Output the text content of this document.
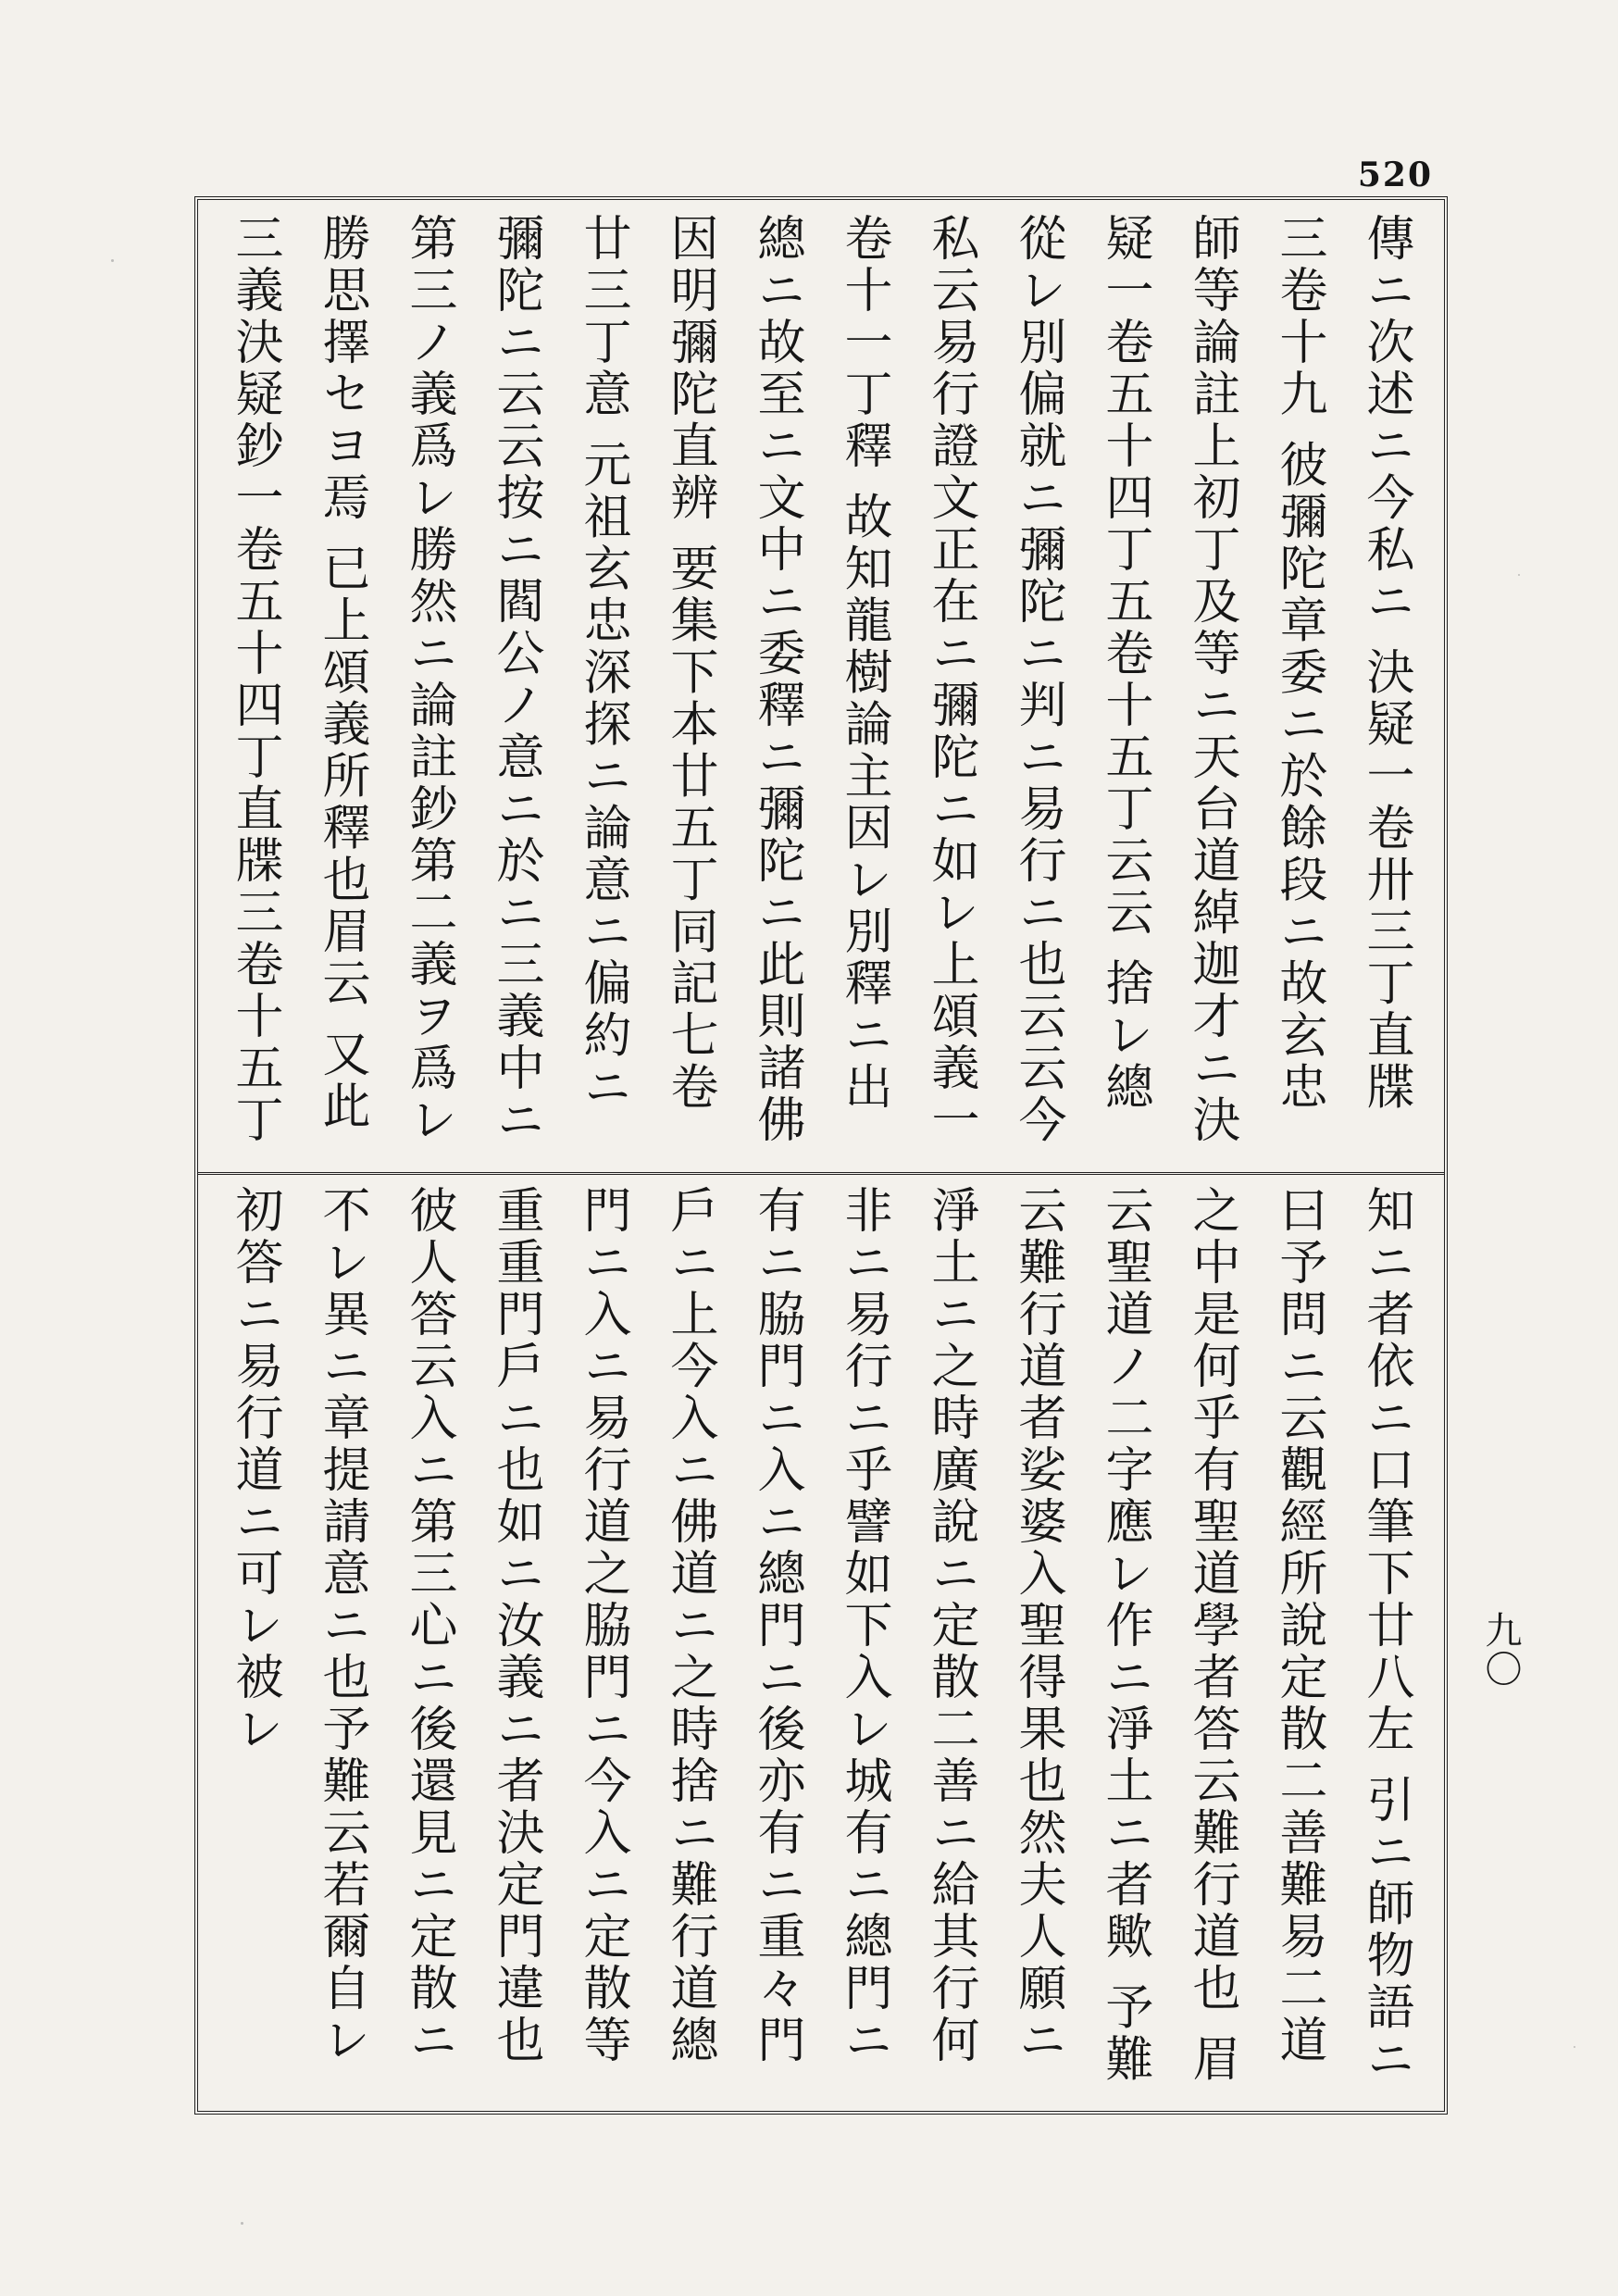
520
傳ニ次述ニ今私ニ 決疑一卷卅三丁直牒三卷十九 彼彌陀章委ニ於餘段ニ故玄忠師等論註上初丁及等ニ天台道綽迦才ニ決疑一卷五十四丁五卷十五丁云云 捨レ總從レ別偏就ニ彌陀ニ判ニ易行ニ也云云今私云易行證文正在ニ彌陀ニ如レ上頌義一卷十一丁釋 故知龍樹論主因レ別釋ニ出總ニ故至ニ文中ニ委釋ニ彌陀ニ此則諸佛因明彌陀直辨 要集下本廿五丁同記七卷廿三丁意 元祖玄忠深探ニ論意ニ偏約ニ彌陀ニ云云按ニ閻公ノ意ニ於ニ三義中ニ第三ノ義爲レ勝然ニ論註鈔第二義ヲ爲レ勝思擇セヨ焉 已上頌義所釋也眉云 又此三義決疑鈔一卷五十四丁直牒三卷十五丁
知ニ者依ニ口筆下廿八左 引ニ師物語ニ曰予問ニ云觀經所說定散二善難易二道之中是何乎有聖道學者答云難行道也 眉云聖道ノ二字應レ作ニ淨土ニ者歟 予難云難行道者娑婆入聖得果也然夫人願ニ淨土ニ之時廣說ニ定散二善ニ給其行何非ニ易行ニ乎譬如下入レ城有ニ總門ニ有ニ脇門ニ入ニ總門ニ後亦有ニ重々門戶ニ上今入ニ佛道ニ之時捨ニ難行道總門ニ入ニ易行道之脇門ニ今入ニ定散等重重門戶ニ也如ニ汝義ニ者決定門違也彼人答云入ニ第三心ニ後還見ニ定散ニ不レ異ニ章提請意ニ也予難云若爾自レ初答ニ易行道ニ可レ被レ	九〇
